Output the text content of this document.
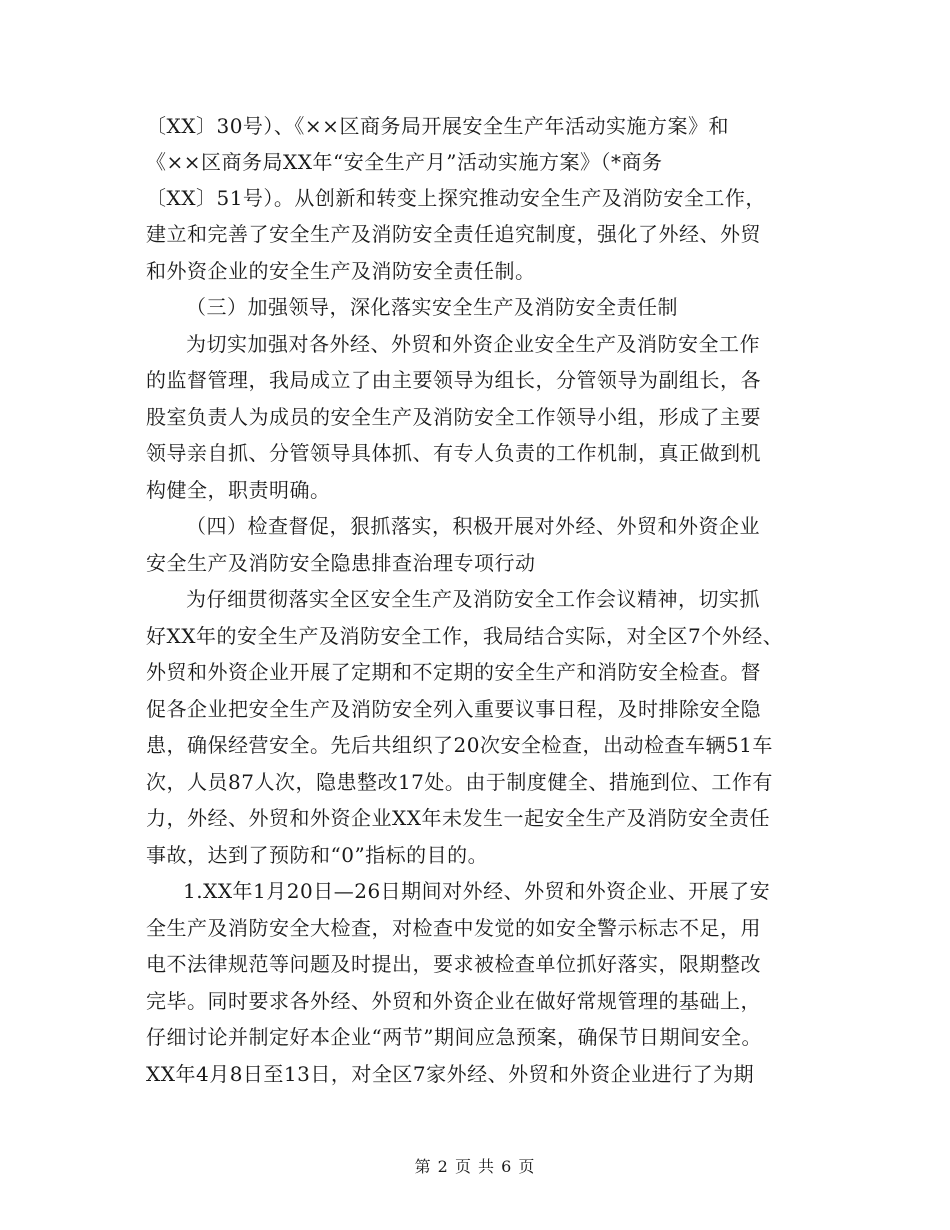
〔XX〕30号）、《××区商务局开展安全生产年活动实施方案》和
《××区商务局XX年“安全生产月”活动实施方案》（*商务
〔XX〕51号）。从创新和转变上探究推动安全生产及消防安全工作，
建立和完善了安全生产及消防安全责任追究制度，强化了外经、外贸
和外资企业的安全生产及消防安全责任制。
（三）加强领导，深化落实安全生产及消防安全责任制
为切实加强对各外经、外贸和外资企业安全生产及消防安全工作
的监督管理，我局成立了由主要领导为组长，分管领导为副组长，各
股室负责人为成员的安全生产及消防安全工作领导小组，形成了主要
领导亲自抓、分管领导具体抓、有专人负责的工作机制，真正做到机
构健全，职责明确。
（四）检查督促，狠抓落实，积极开展对外经、外贸和外资企业
安全生产及消防安全隐患排查治理专项行动
为仔细贯彻落实全区安全生产及消防安全工作会议精神，切实抓
好XX年的安全生产及消防安全工作，我局结合实际，对全区7个外经、
外贸和外资企业开展了定期和不定期的安全生产和消防安全检查。督
促各企业把安全生产及消防安全列入重要议事日程，及时排除安全隐
患，确保经营安全。先后共组织了20次安全检查，出动检查车辆51车
次，人员87人次，隐患整改17处。由于制度健全、措施到位、工作有
力，外经、外贸和外资企业XX年未发生一起安全生产及消防安全责任
事故，达到了预防和“0”指标的目的。
1.XX年1月20日—26日期间对外经、外贸和外资企业、开展了安
全生产及消防安全大检查，对检查中发觉的如安全警示标志不足，用
电不法律规范等问题及时提出，要求被检查单位抓好落实，限期整改
完毕。同时要求各外经、外贸和外资企业在做好常规管理的基础上，
仔细讨论并制定好本企业“两节”期间应急预案，确保节日期间安全。
XX年4月8日至13日，对全区7家外经、外贸和外资企业进行了为期
第 2 页 共 6 页
